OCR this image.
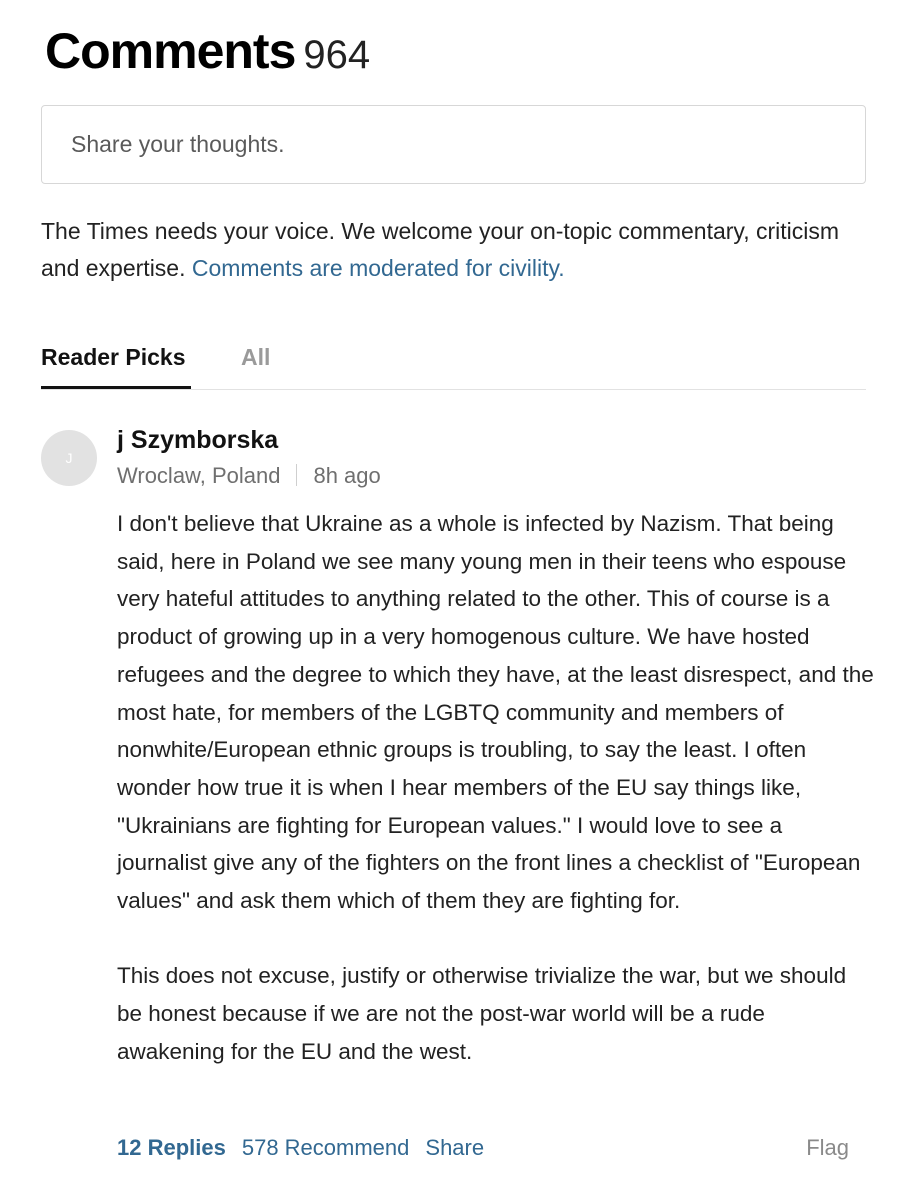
Comments 964
Share your thoughts.
The Times needs your voice. We welcome your on-topic commentary, criticism and expertise. Comments are moderated for civility.
Reader Picks All
J
j Szymborska
Wroclaw, Poland 8h ago

I don't believe that Ukraine as a whole is infected by Nazism. That being said, here in Poland we see many young men in their teens who espouse very hateful attitudes to anything related to the other. This of course is a product of growing up in a very homogenous culture. We have hosted refugees and the degree to which they have, at the least disrespect, and the most hate, for members of the LGBTQ community and members of nonwhite/European ethnic groups is troubling, to say the least. I often wonder how true it is when I hear members of the EU say things like, "Ukrainians are fighting for European values." I would love to see a journalist give any of the fighters on the front lines a checklist of "European values" and ask them which of them they are fighting for.

This does not excuse, justify or otherwise trivialize the war, but we should be honest because if we are not the post-war world will be a rude awakening for the EU and the west.

12 Replies 578 Recommend Share	Flag
